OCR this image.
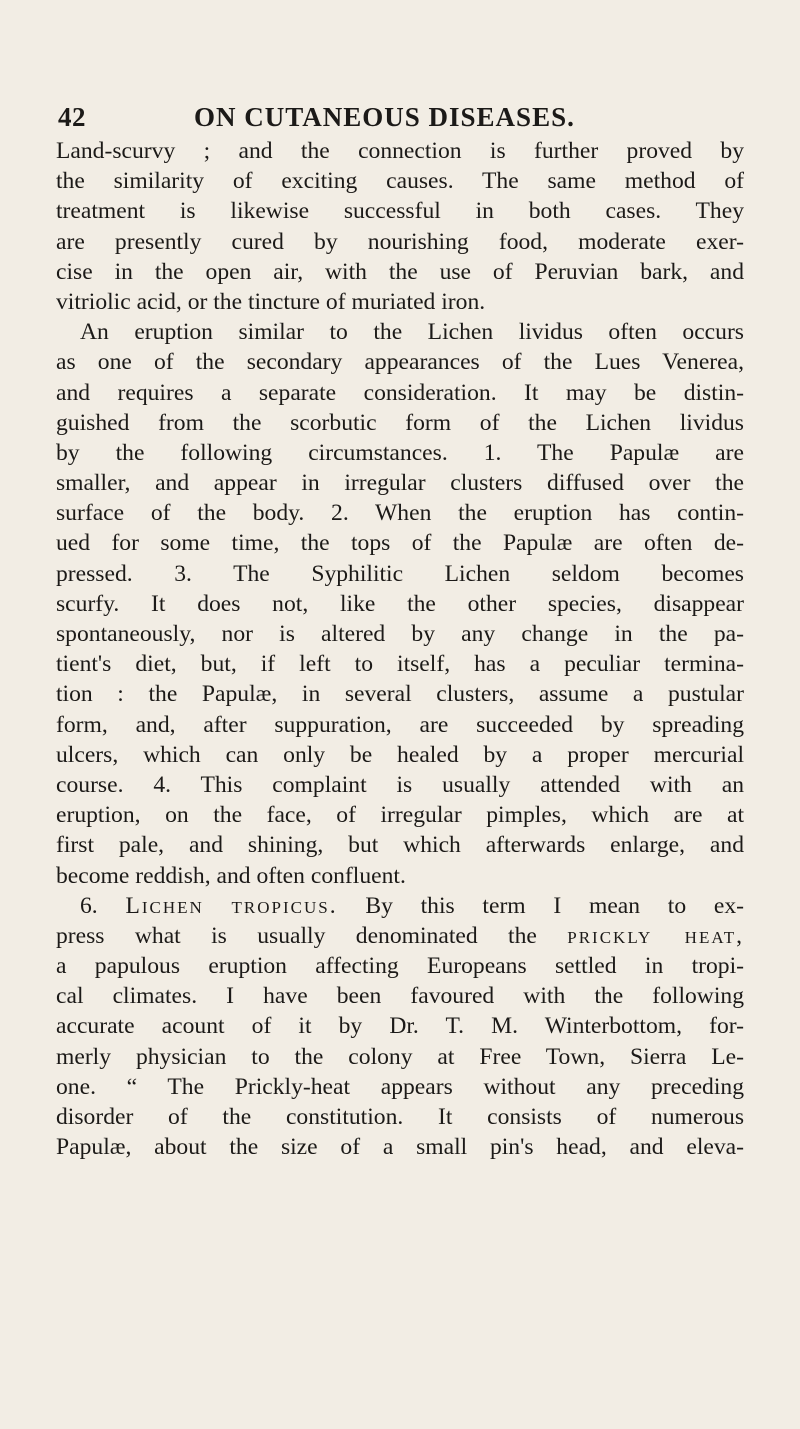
42	ON CUTANEOUS DISEASES.
Land-scurvy ; and the connection is further proved by
the similarity of exciting causes. The same method of
treatment is likewise successful in both cases. They
are presently cured by nourishing food, moderate exer-
cise in the open air, with the use of Peruvian bark, and
vitriolic acid, or the tincture of muriated iron.
An eruption similar to the Lichen lividus often occurs
as one of the secondary appearances of the Lues Venerea,
and requires a separate consideration. It may be distin-
guished from the scorbutic form of the Lichen lividus
by the following circumstances. 1. The Papulæ are
smaller, and appear in irregular clusters diffused over the
surface of the body. 2. When the eruption has contin-
ued for some time, the tops of the Papulæ are often de-
pressed. 3. The Syphilitic Lichen seldom becomes
scurfy. It does not, like the other species, disappear
spontaneously, nor is altered by any change in the pa-
tient's diet, but, if left to itself, has a peculiar termina-
tion : the Papulæ, in several clusters, assume a pustular
form, and, after suppuration, are succeeded by spreading
ulcers, which can only be healed by a proper mercurial
course. 4. This complaint is usually attended with an
eruption, on the face, of irregular pimples, which are at
first pale, and shining, but which afterwards enlarge, and
become reddish, and often confluent.
6. Lichen tropicus. By this term I mean to ex-
press what is usually denominated the prickly heat,
a papulous eruption affecting Europeans settled in tropi-
cal climates. I have been favoured with the following
accurate acount of it by Dr. T. M. Winterbottom, for-
merly physician to the colony at Free Town, Sierra Le-
one. “ The Prickly-heat appears without any preceding
disorder of the constitution. It consists of numerous
Papulæ, about the size of a small pin's head, and eleva-
